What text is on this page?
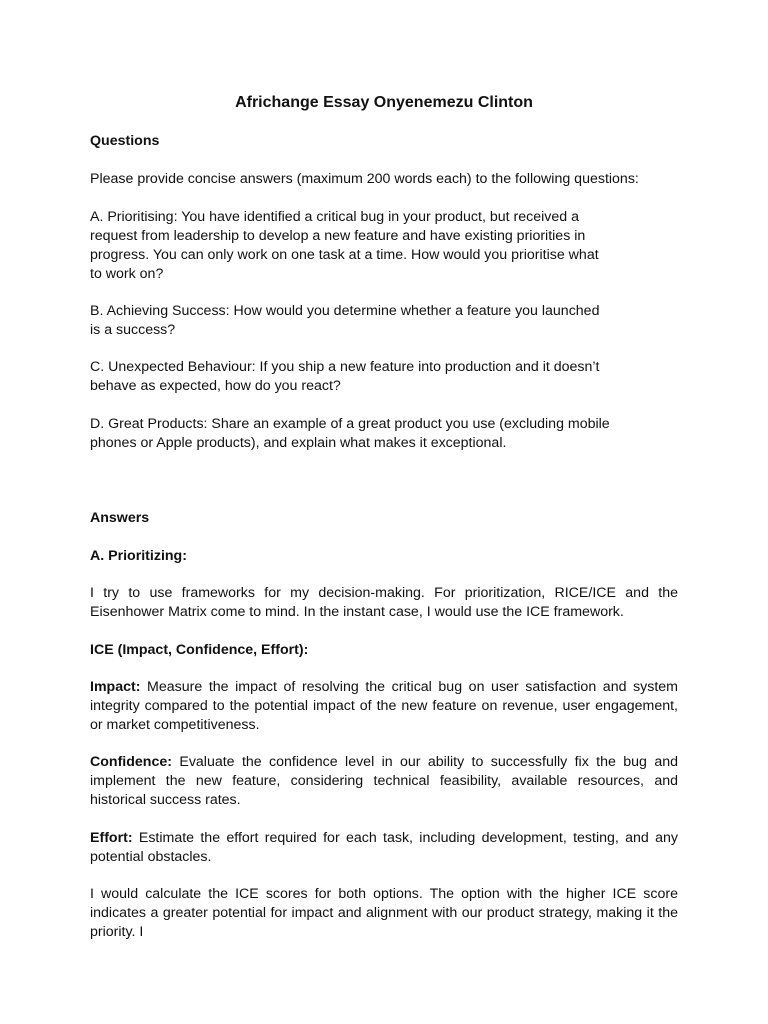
Africhange Essay Onyenemezu Clinton

Questions

Please provide concise answers (maximum 200 words each) to the following questions:

A. Prioritising: You have identified a critical bug in your product, but received a request from leadership to develop a new feature and have existing priorities in progress. You can only work on one task at a time. How would you prioritise what to work on?

B. Achieving Success: How would you determine whether a feature you launched is a success?

C. Unexpected Behaviour: If you ship a new feature into production and it doesn’t behave as expected, how do you react?

D. Great Products: Share an example of a great product you use (excluding mobile phones or Apple products), and explain what makes it exceptional.

Answers

A. Prioritizing:

I try to use frameworks for my decision-making. For prioritization, RICE/ICE and the Eisenhower Matrix come to mind. In the instant case, I would use the ICE framework.

ICE (Impact, Confidence, Effort):

Impact: Measure the impact of resolving the critical bug on user satisfaction and system integrity compared to the potential impact of the new feature on revenue, user engagement, or market competitiveness.

Confidence: Evaluate the confidence level in our ability to successfully fix the bug and implement the new feature, considering technical feasibility, available resources, and historical success rates.

Effort: Estimate the effort required for each task, including development, testing, and any potential obstacles.

I would calculate the ICE scores for both options. The option with the higher ICE score indicates a greater potential for impact and alignment with our product strategy, making it the priority. I
